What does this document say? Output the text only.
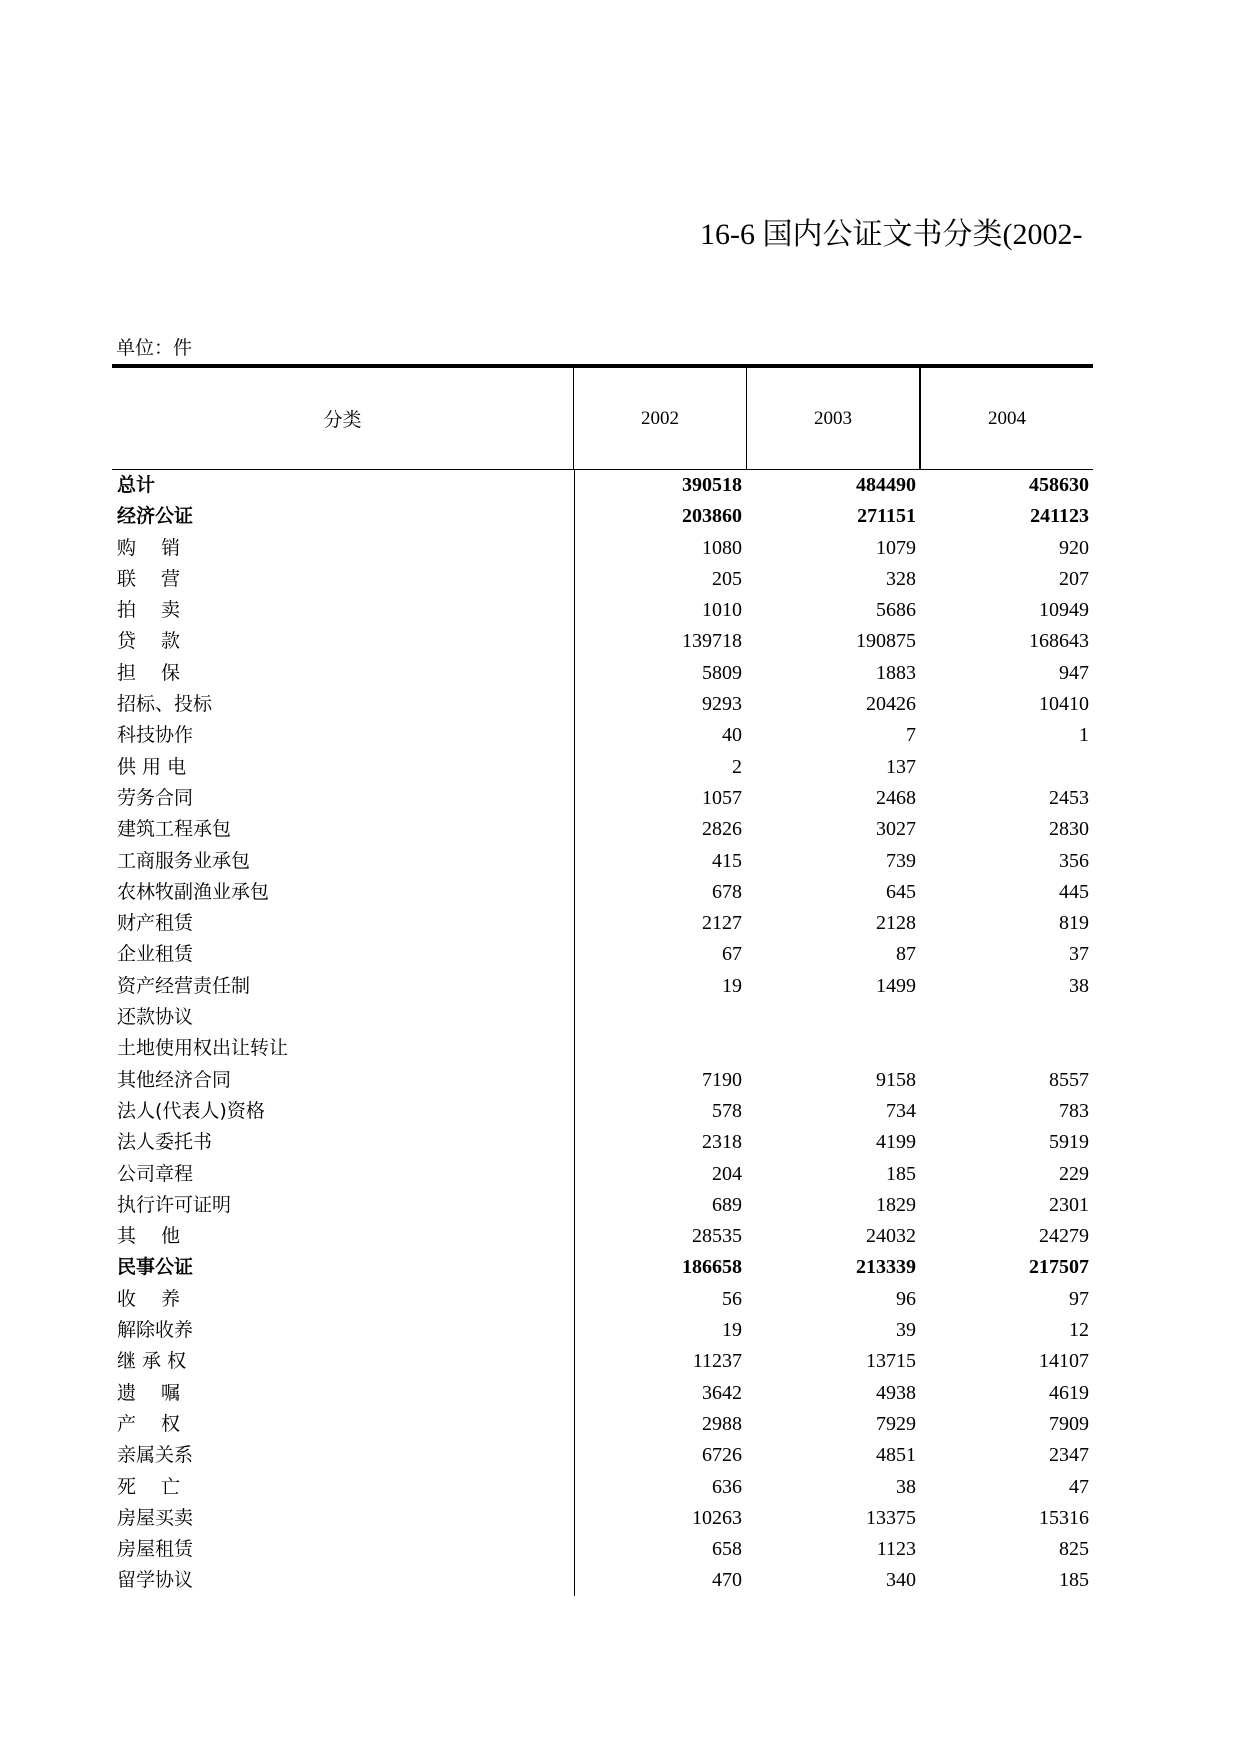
16-6 国内公证文书分类(2002-
单位：件
分类	2002	2003	2004
总计	390518	484490	458630
经济公证	203860	271151	241123
购　 销	1080	1079	920
联　 营	205	328	207
拍　 卖	1010	5686	10949
贷　 款	139718	190875	168643
担　 保	5809	1883	947
招标、投标	9293	20426	10410
科技协作	40	7	1
供 用 电	2	137
劳务合同	1057	2468	2453
建筑工程承包	2826	3027	2830
工商服务业承包	415	739	356
农林牧副渔业承包	678	645	445
财产租赁	2127	2128	819
企业租赁	67	87	37
资产经营责任制	19	1499	38
还款协议
土地使用权出让转让
其他经济合同	7190	9158	8557
法人(代表人)资格	578	734	783
法人委托书	2318	4199	5919
公司章程	204	185	229
执行许可证明	689	1829	2301
其　 他	28535	24032	24279
民事公证	186658	213339	217507
收　 养	56	96	97
解除收养	19	39	12
继 承 权	11237	13715	14107
遗　 嘱	3642	4938	4619
产　 权	2988	7929	7909
亲属关系	6726	4851	2347
死　 亡	636	38	47
房屋买卖	10263	13375	15316
房屋租赁	658	1123	825
留学协议	470	340	185
